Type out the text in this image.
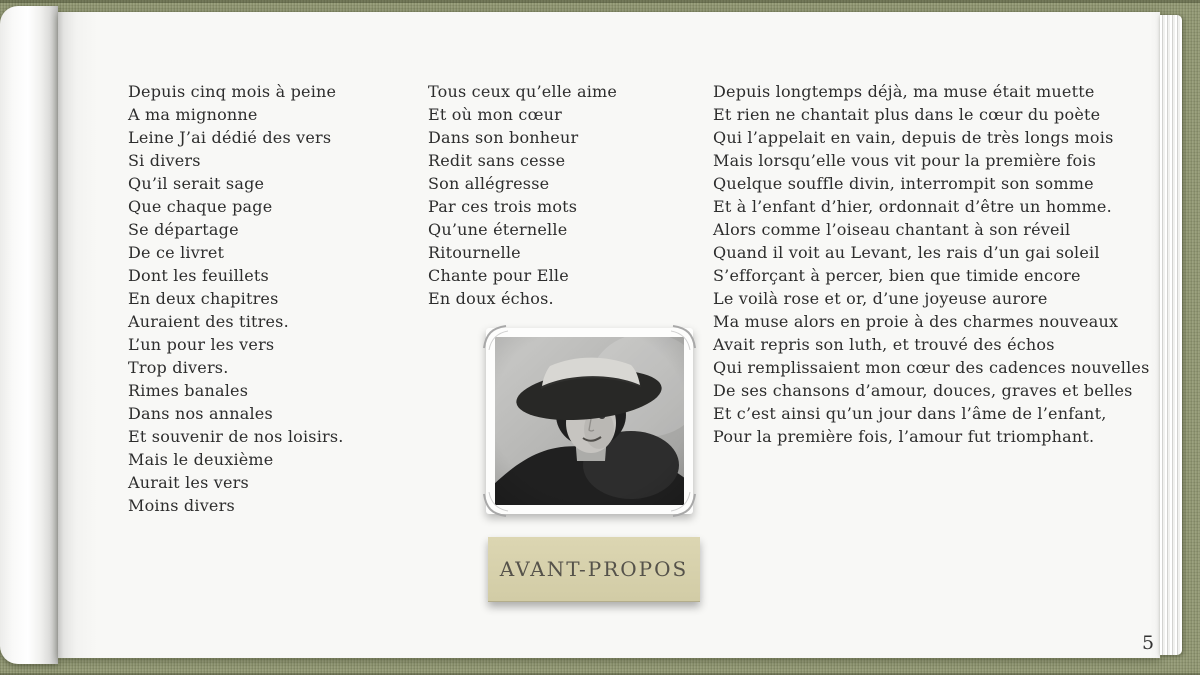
Depuis cinq mois à peine
A ma mignonne
Leine J’ai dédié des vers
Si divers
Qu’il serait sage
Que chaque page
Se départage
De ce livret
Dont les feuillets
En deux chapitres
Auraient des titres.
L’un pour les vers
Trop divers.
Rimes banales
Dans nos annales
Et souvenir de nos loisirs.
Mais le deuxième
Aurait les vers
Moins divers
Tous ceux qu’elle aime
Et où mon cœur
Dans son bonheur
Redit sans cesse
Son allégresse
Par ces trois mots
Qu’une éternelle
Ritournelle
Chante pour Elle
En doux échos.
Depuis longtemps déjà, ma muse était muette
Et rien ne chantait plus dans le cœur du poète
Qui l’appelait en vain, depuis de très longs mois
Mais lorsqu’elle vous vit pour la première fois
Quelque souffle divin, interrompit son somme
Et à l’enfant d’hier, ordonnait d’être un homme.
Alors comme l’oiseau chantant à son réveil
Quand il voit au Levant, les rais d’un gai soleil
S’efforçant à percer, bien que timide encore
Le voilà rose et or, d’une joyeuse aurore
Ma muse alors en proie à des charmes nouveaux
Avait repris son luth, et trouvé des échos
Qui remplissaient mon cœur des cadences nouvelles
De ses chansons d’amour, douces, graves et belles
Et c’est ainsi qu’un jour dans l’âme de l’enfant,
Pour la première fois, l’amour fut triomphant.
AVANT-PROPOS
5
